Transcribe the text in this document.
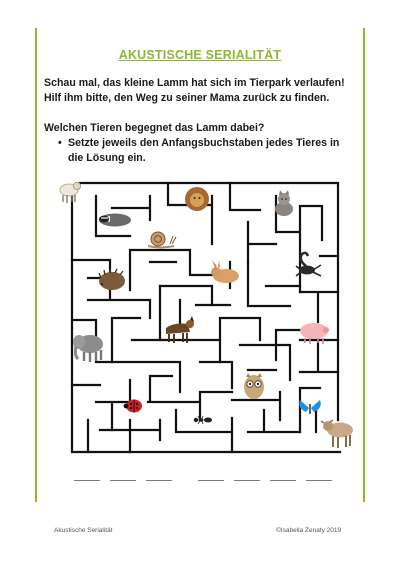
AKUSTISCHE SERIALITÄT
Schau mal, das kleine Lamm hat sich im Tierpark verlaufen!
Hilf ihm bitte, den Weg zu seiner Mama zurück zu finden.
Welchen Tieren begegnet das Lamm dabei?
• Setzte jeweils den Anfangsbuchstaben jedes Tieres in
die Lösung ein.
Akustische Serialität	©Isabella Zenaty 2019
